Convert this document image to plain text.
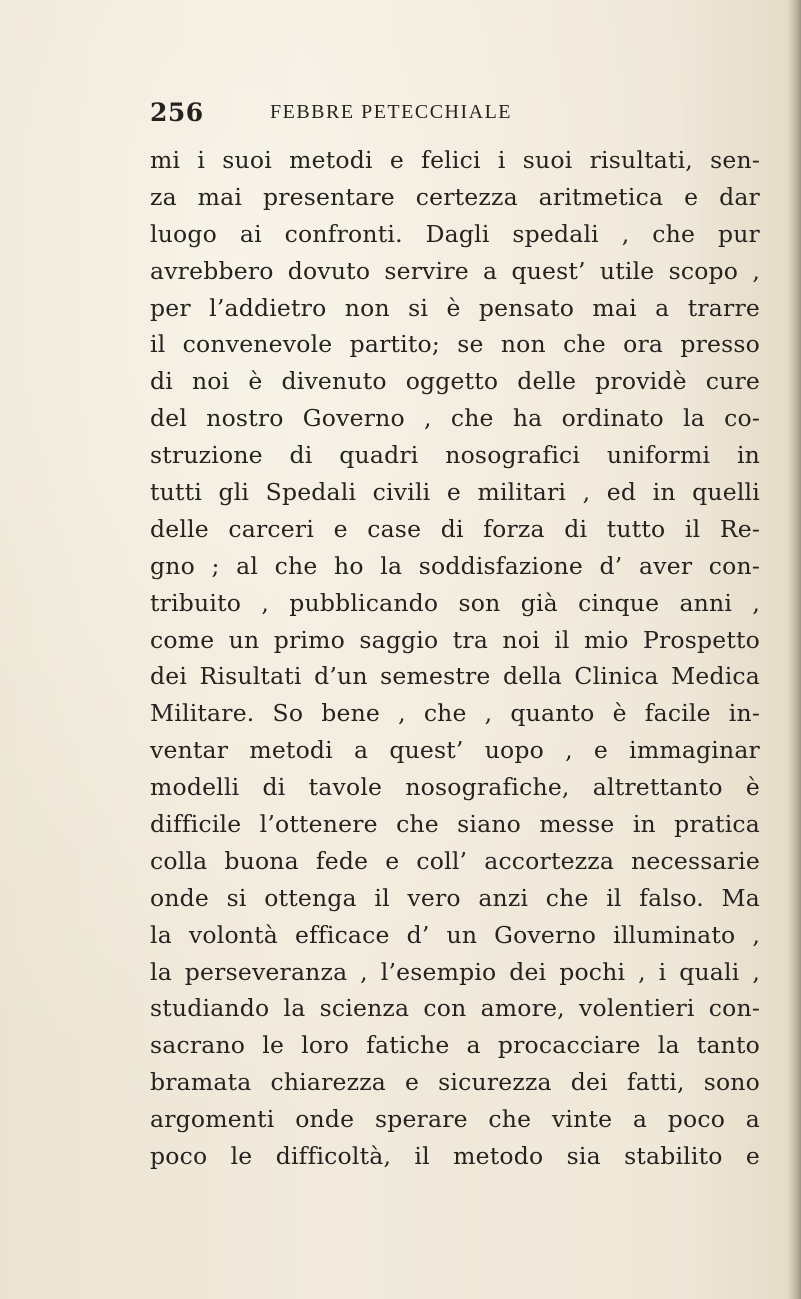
256	FEBBRE PETECCHIALE
mi i suoi metodi e felici i suoi risultati, sen-
za mai presentare certezza aritmetica e dar
luogo ai confronti. Dagli spedali , che pur
avrebbero dovuto servire a quest’ utile scopo ,
per l’addietro non si è pensato mai a trarre
il convenevole partito; se non che ora presso
di noi è divenuto oggetto delle providè cure
del nostro Governo , che ha ordinato la co-
struzione di quadri nosografici uniformi in
tutti gli Spedali civili e militari , ed in quelli
delle carceri e case di forza di tutto il Re-
gno ; al che ho la soddisfazione d’ aver con-
tribuito , pubblicando son già cinque anni ,
come un primo saggio tra noi il mio Prospetto
dei Risultati d’un semestre della Clinica Medica
Militare. So bene , che , quanto è facile in-
ventar metodi a quest’ uopo , e immaginar
modelli di tavole nosografiche, altrettanto è
difficile l’ottenere che siano messe in pratica
colla buona fede e coll’ accortezza necessarie
onde si ottenga il vero anzi che il falso. Ma
la volontà efficace d’ un Governo illuminato ,
la perseveranza , l’esempio dei pochi , i quali ,
studiando la scienza con amore, volentieri con-
sacrano le loro fatiche a procacciare la tanto
bramata chiarezza e sicurezza dei fatti, sono
argomenti onde sperare che vinte a poco a
poco le difficoltà, il metodo sia stabilito e
